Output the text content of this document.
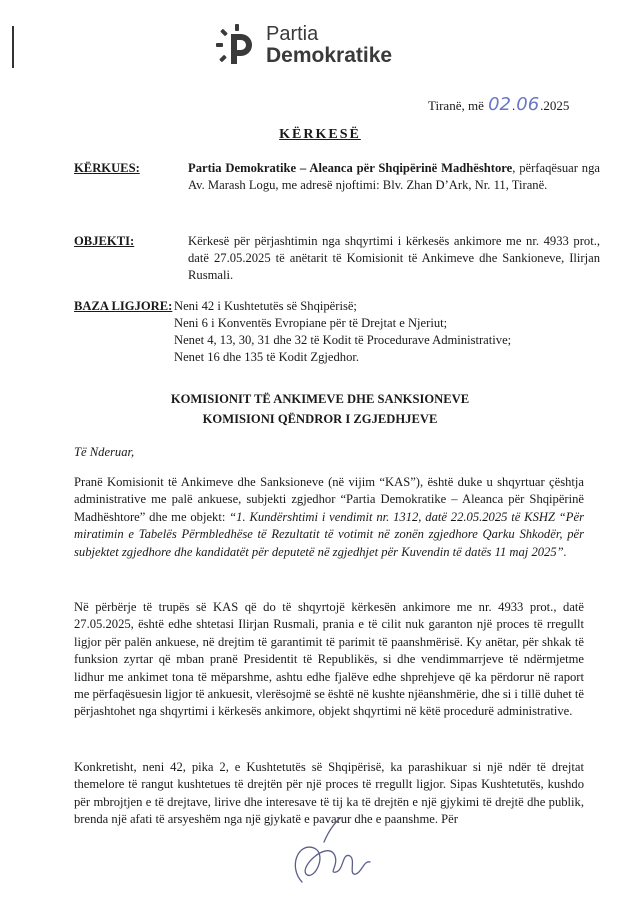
Partia
Demokratike
Tiranë, më 02.06.2025
KËRKESË
KËRKUES:	Partia Demokratike – Aleanca për Shqipërinë Madhështore, përfaqësuar nga Av. Marash Logu, me adresë njoftimi: Blv. Zhan D’Ark, Nr. 11, Tiranë.
OBJEKTI:	Kërkesë për përjashtimin nga shqyrtimi i kërkesës ankimore me nr. 4933 prot., datë 27.05.2025 të anëtarit të Komisionit të Ankimeve dhe Sankioneve, Ilirjan Rusmali.
BAZA LIGJORE: Neni 42 i Kushtetutës së Shqipërisë;
Neni 6 i Konventës Evropiane për të Drejtat e Njeriut;
Nenet 4, 13, 30, 31 dhe 32 të Kodit të Procedurave Administrative;
Nenet 16 dhe 135 të Kodit Zgjedhor.
KOMISIONIT TË ANKIMEVE DHE SANKSIONEVE
KOMISIONI QËNDROR I ZGJEDHJEVE
Të Nderuar,
Pranë Komisionit të Ankimeve dhe Sanksioneve (në vijim “KAS”), është duke u shqyrtuar çështja administrative me palë ankuese, subjekti zgjedhor “Partia Demokratike – Aleanca për Shqipërinë Madhështore” dhe me objekt: “1. Kundërshtimi i vendimit nr. 1312, datë 22.05.2025 të KSHZ “Për miratimin e Tabelës Përmbledhëse të Rezultatit të votimit në zonën zgjedhore Qarku Shkodër, për subjektet zgjedhore dhe kandidatët për deputetë në zgjedhjet për Kuvendin të datës 11 maj 2025”.
Në përbërje të trupës së KAS që do të shqyrtojë kërkesën ankimore me nr. 4933 prot., datë 27.05.2025, është edhe shtetasi Ilirjan Rusmali, prania e të cilit nuk garanton një proces të rregullt ligjor për palën ankuese, në drejtim të garantimit të parimit të paanshmërisë. Ky anëtar, për shkak të funksion zyrtar që mban pranë Presidentit të Republikës, si dhe vendimmarrjeve të ndërmjetme lidhur me ankimet tona të mëparshme, ashtu edhe fjalëve edhe shprehjeve që ka përdorur në raport me përfaqësuesin ligjor të ankuesit, vlerësojmë se është në kushte njëanshmërie, dhe si i tillë duhet të përjashtohet nga shqyrtimi i kërkesës ankimore, objekt shqyrtimi në këtë procedurë administrative.
Konkretisht, neni 42, pika 2, e Kushtetutës së Shqipërisë, ka parashikuar si një ndër të drejtat themelore të rangut kushtetues të drejtën për një proces të rregullt ligjor. Sipas Kushtetutës, kushdo për mbrojtjen e të drejtave, lirive dhe interesave të tij ka të drejtën e një gjykimi të drejtë dhe publik, brenda një afati të arsyeshëm nga një gjykatë e pavarur dhe e paanshme. Për
